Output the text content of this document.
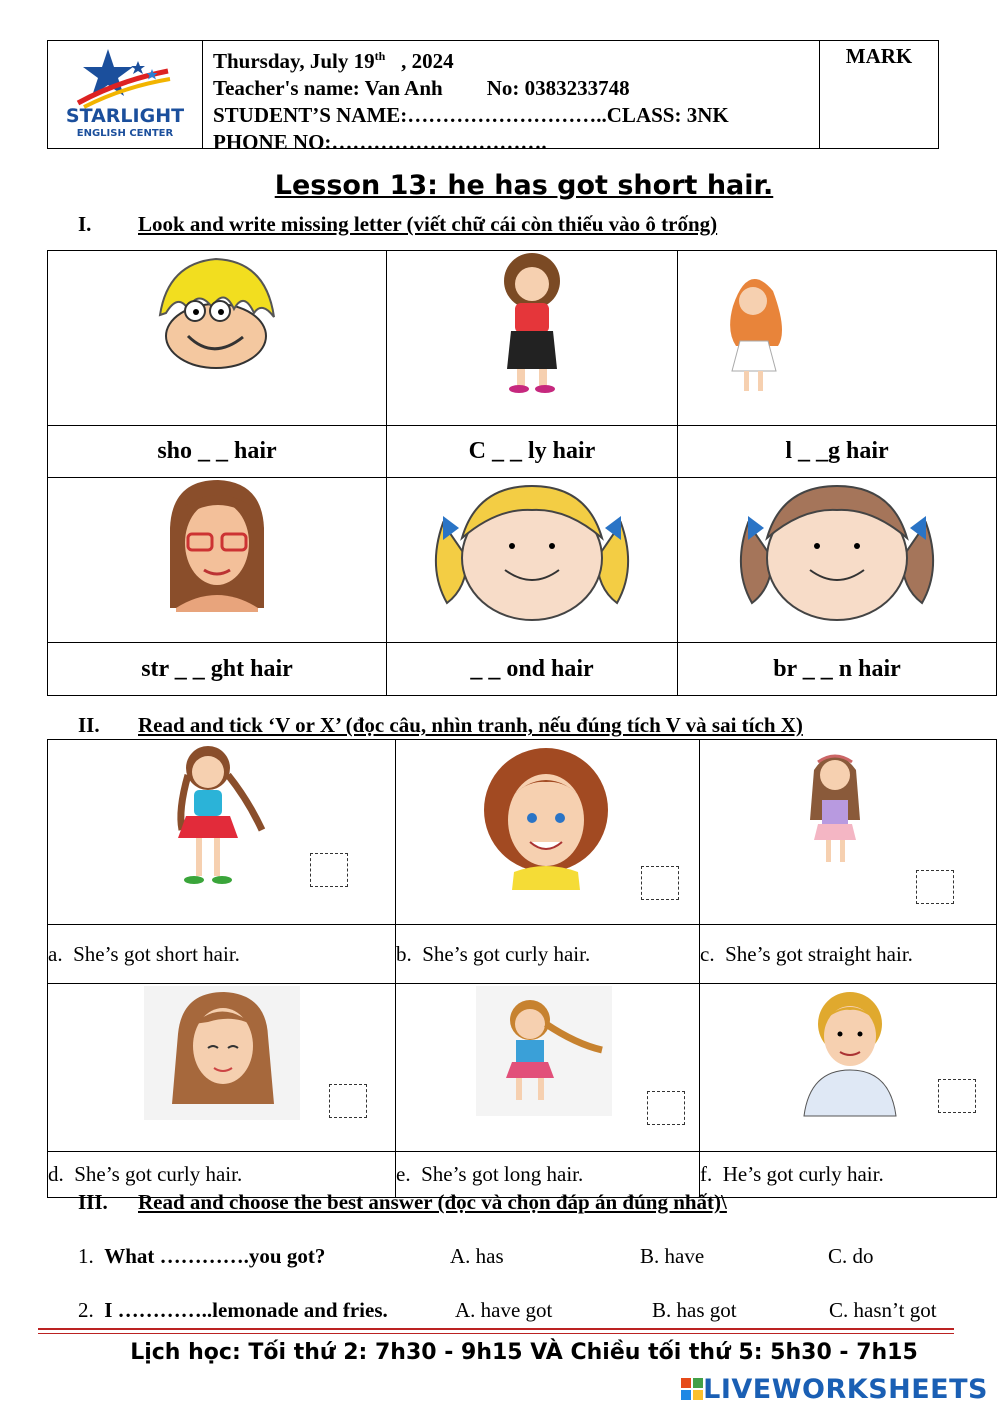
STARLIGHT
ENGLISH CENTER
Thursday, July 19th , 2024
Teacher's name: Van Anh No: 0383233748
STUDENT’S NAME:………………………..CLASS: 3NK
PHONE NO:………………………….
MARK
Lesson 13: he has got short hair.
I. Look and write missing letter (viết chữ cái còn thiếu vào ô trống)

sho _ _ hair	C _ _ ly hair	l _ _g hair

str _ _ ght hair	_ _ ond hair	br _ _ n hair
II. Read and tick ‘V or X’ (đọc câu, nhìn tranh, nếu đúng tích V và sai tích X)

a. She’s got short hair.	b. She’s got curly hair.	c. She’s got straight hair.

d. She’s got curly hair.	e. She’s got long hair.	f. He’s got curly hair.
III. Read and choose the best answer (đọc và chọn đáp án đúng nhất)\
1. What ………….you got?	A. has	B. have	C. do
2. I …………..lemonade and fries.	A. have got	B. has got	C. hasn’t got
Lịch học: Tối thứ 2: 7h30 - 9h15 VÀ Chiều tối thứ 5: 5h30 - 7h15
LIVEWORKSHEETS
